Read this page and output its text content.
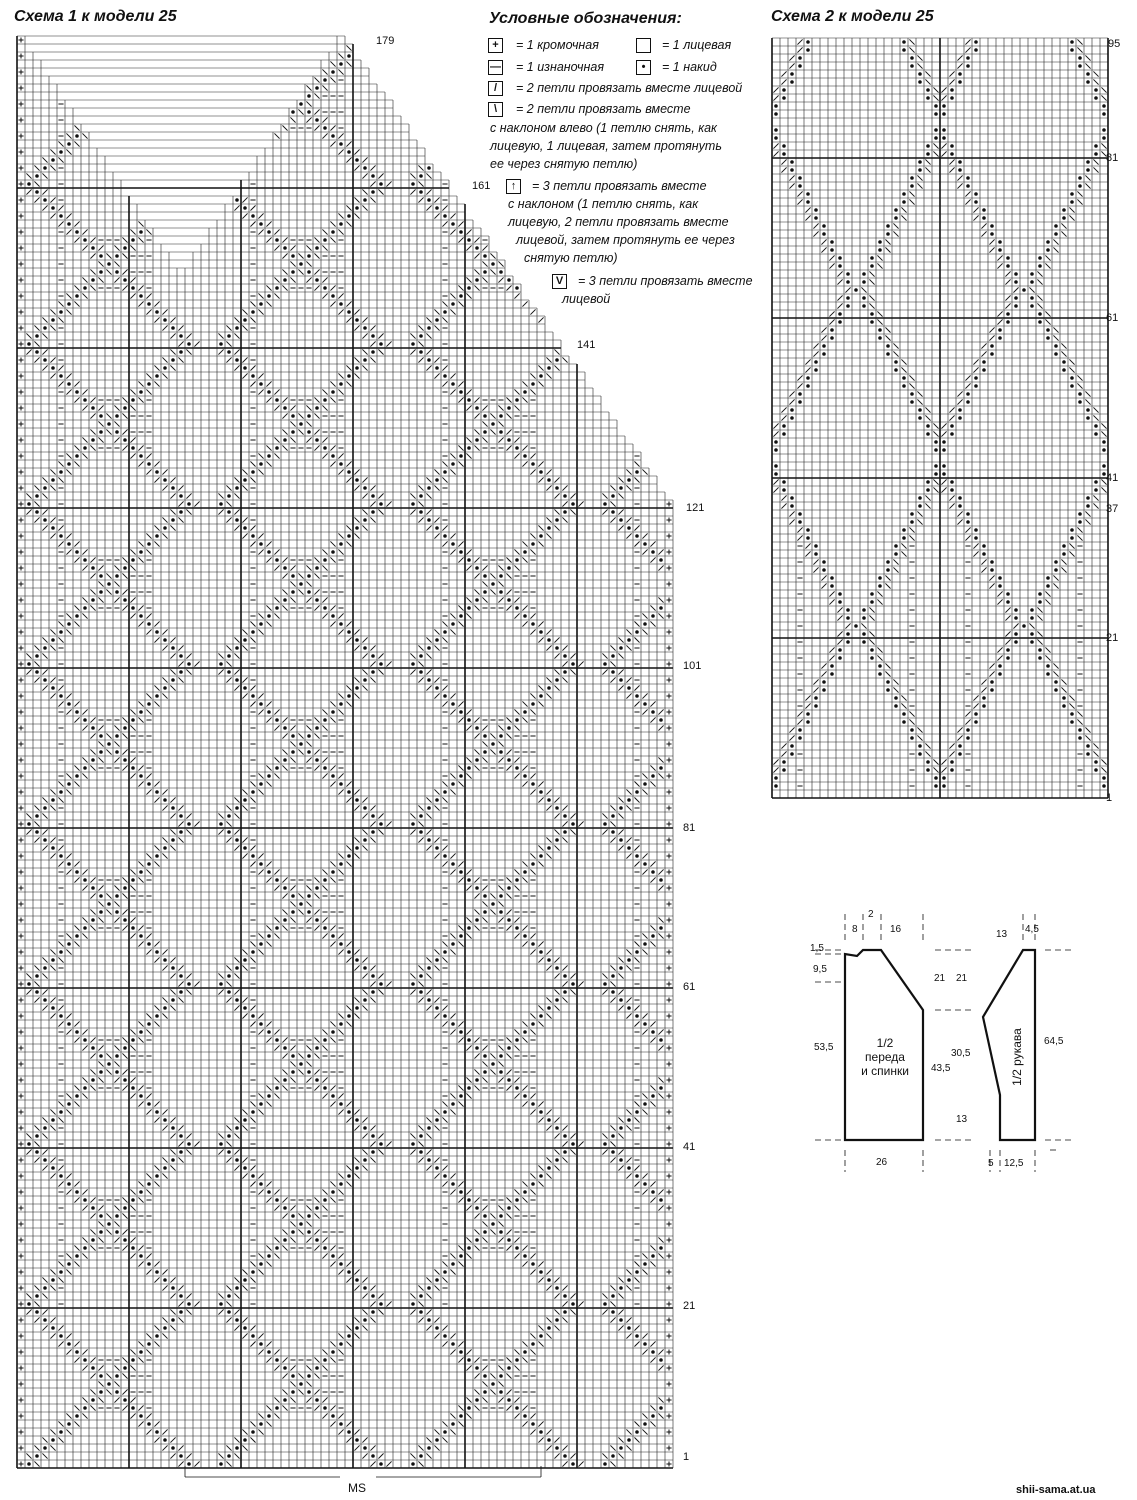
Схема 1 к модели 25
179
161
141
121
101
81
61
41
21
1
MS
Условные обозначения:
+	= 1 кромочная	= 1 лицевая
— = 1 изнаночная	•	= 1 накид
/	= 2 петли провязать вместе лицевой
\	= 2 петли провязать вместе
с наклоном влево (1 петлю снять, как
лицевую, 1 лицевая, затем протянуть
ее через снятую петлю)
↑	= 3 петли провязать вместе
с наклоном (1 петлю снять, как
лицевую, 2 петли провязать вместе
лицевой, затем протянуть ее через
снятую петлю)
V	= 3 петли провязать вместе
лицевой
Схема 2 к модели 25
95
81
61
41
37
21
1
8
2
16
1,5
9,5
53,5
26
21
43,5
1/2
переда
и спинки
13 4,5
21
30,5
13
64,5
5 12,5
1/2 рукава
shii-sama.at.ua
